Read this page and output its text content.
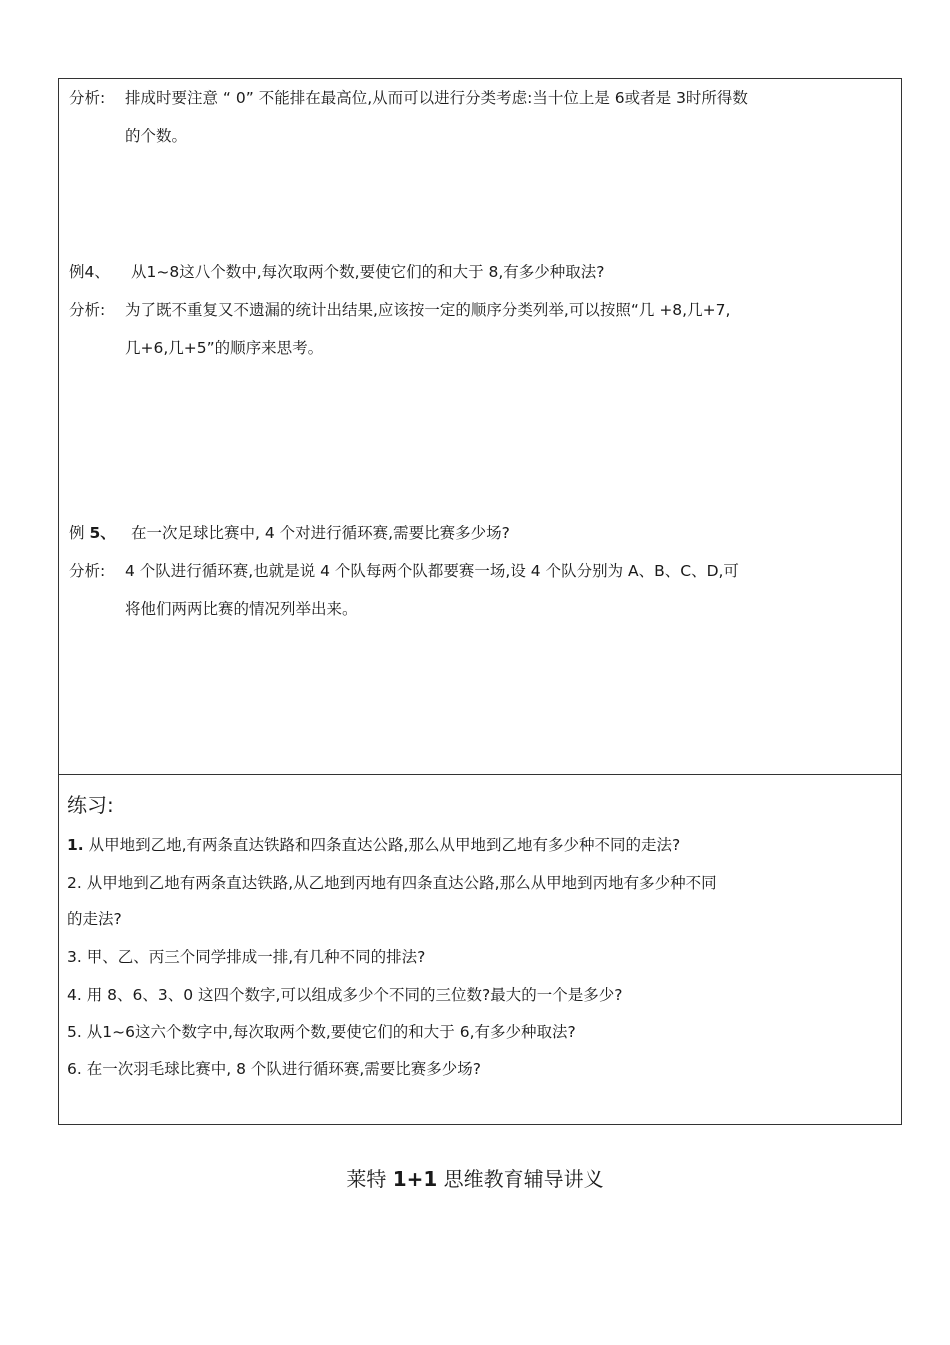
分析: 排成时要注意 “ 0” 不能排在最高位,从而可以进行分类考虑:当十位上是 6或者是 3时所得数
的个数。
例4、 从1~8这八个数中,每次取两个数,要使它们的和大于 8,有多少种取法?
分析: 为了既不重复又不遗漏的统计出结果,应该按一定的顺序分类列举,可以按照“几 +8,几+7,
几+6,几+5”的顺序来思考。
例 5、 在一次足球比赛中, 4 个对进行循环赛,需要比赛多少场?
分析: 4 个队进行循环赛,也就是说 4 个队每两个队都要赛一场,设 4 个队分别为 A、B、C、D,可
将他们两两比赛的情况列举出来。
练习:
1. 从甲地到乙地,有两条直达铁路和四条直达公路,那么从甲地到乙地有多少种不同的走法?
2. 从甲地到乙地有两条直达铁路,从乙地到丙地有四条直达公路,那么从甲地到丙地有多少种不同
的走法?
3. 甲、乙、丙三个同学排成一排,有几种不同的排法?
4. 用 8、6、3、0 这四个数字,可以组成多少个不同的三位数?最大的一个是多少?
5. 从1~6这六个数字中,每次取两个数,要使它们的和大于 6,有多少种取法?
6. 在一次羽毛球比赛中, 8 个队进行循环赛,需要比赛多少场?
莱特 1+1 思维教育辅导讲义
